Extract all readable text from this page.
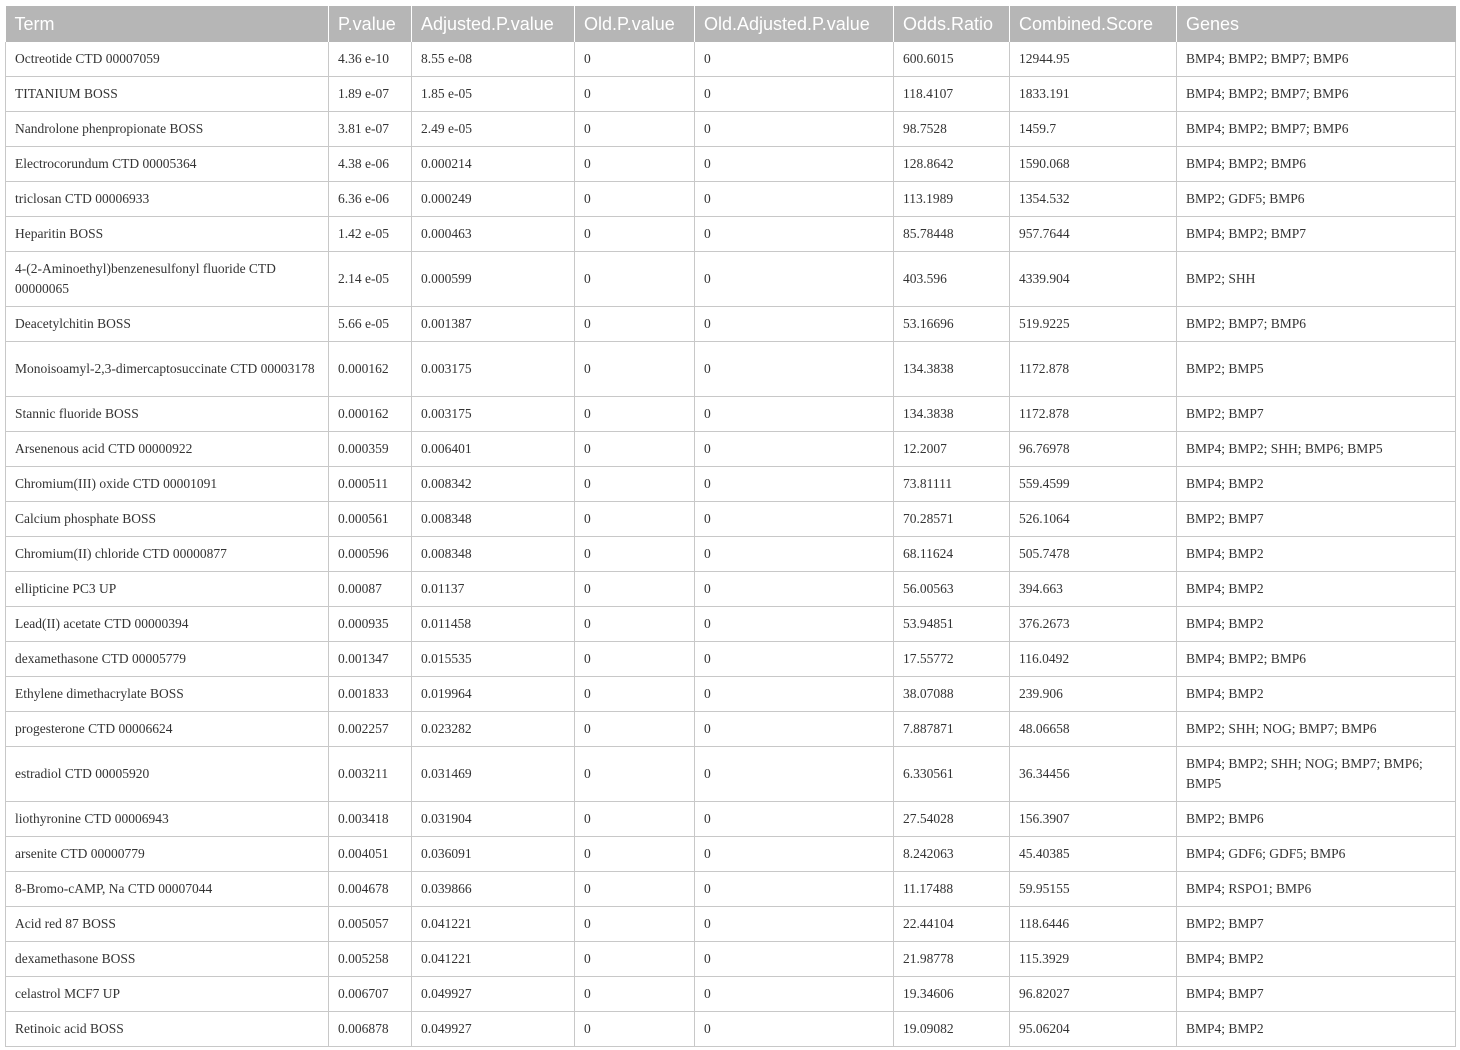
Term	P.value	Adjusted.P.value	Old.P.value	Old.Adjusted.P.value	Odds.Ratio	Combined.Score	Genes
Octreotide CTD 00007059	4.36 e-10	8.55 e-08	0	0	600.6015	12944.95	BMP4; BMP2; BMP7; BMP6
TITANIUM BOSS	1.89 e-07	1.85 e-05	0	0	118.4107	1833.191	BMP4; BMP2; BMP7; BMP6
Nandrolone phenpropionate BOSS	3.81 e-07	2.49 e-05	0	0	98.7528	1459.7	BMP4; BMP2; BMP7; BMP6
Electrocorundum CTD 00005364	4.38 e-06	0.000214	0	0	128.8642	1590.068	BMP4; BMP2; BMP6
triclosan CTD 00006933	6.36 e-06	0.000249	0	0	113.1989	1354.532	BMP2; GDF5; BMP6
Heparitin BOSS	1.42 e-05	0.000463	0	0	85.78448	957.7644	BMP4; BMP2; BMP7
4-(2-Aminoethyl)benzenesulfonyl fluoride CTD 00000065	2.14 e-05	0.000599	0	0	403.596	4339.904	BMP2; SHH
Deacetylchitin BOSS	5.66 e-05	0.001387	0	0	53.16696	519.9225	BMP2; BMP7; BMP6
Monoisoamyl-2,3-dimercaptosuccinate CTD 00003178	0.000162	0.003175	0	0	134.3838	1172.878	BMP2; BMP5
Stannic fluoride BOSS	0.000162	0.003175	0	0	134.3838	1172.878	BMP2; BMP7
Arsenenous acid CTD 00000922	0.000359	0.006401	0	0	12.2007	96.76978	BMP4; BMP2; SHH; BMP6; BMP5
Chromium(III) oxide CTD 00001091	0.000511	0.008342	0	0	73.81111	559.4599	BMP4; BMP2
Calcium phosphate BOSS	0.000561	0.008348	0	0	70.28571	526.1064	BMP2; BMP7
Chromium(II) chloride CTD 00000877	0.000596	0.008348	0	0	68.11624	505.7478	BMP4; BMP2
ellipticine PC3 UP	0.00087	0.01137	0	0	56.00563	394.663	BMP4; BMP2
Lead(II) acetate CTD 00000394	0.000935	0.011458	0	0	53.94851	376.2673	BMP4; BMP2
dexamethasone CTD 00005779	0.001347	0.015535	0	0	17.55772	116.0492	BMP4; BMP2; BMP6
Ethylene dimethacrylate BOSS	0.001833	0.019964	0	0	38.07088	239.906	BMP4; BMP2
progesterone CTD 00006624	0.002257	0.023282	0	0	7.887871	48.06658	BMP2; SHH; NOG; BMP7; BMP6
estradiol CTD 00005920	0.003211	0.031469	0	0	6.330561	36.34456	BMP4; BMP2; SHH; NOG; BMP7; BMP6; BMP5
liothyronine CTD 00006943	0.003418	0.031904	0	0	27.54028	156.3907	BMP2; BMP6
arsenite CTD 00000779	0.004051	0.036091	0	0	8.242063	45.40385	BMP4; GDF6; GDF5; BMP6
8-Bromo-cAMP, Na CTD 00007044	0.004678	0.039866	0	0	11.17488	59.95155	BMP4; RSPO1; BMP6
Acid red 87 BOSS	0.005057	0.041221	0	0	22.44104	118.6446	BMP2; BMP7
dexamethasone BOSS	0.005258	0.041221	0	0	21.98778	115.3929	BMP4; BMP2
celastrol MCF7 UP	0.006707	0.049927	0	0	19.34606	96.82027	BMP4; BMP7
Retinoic acid BOSS	0.006878	0.049927	0	0	19.09082	95.06204	BMP4; BMP2
